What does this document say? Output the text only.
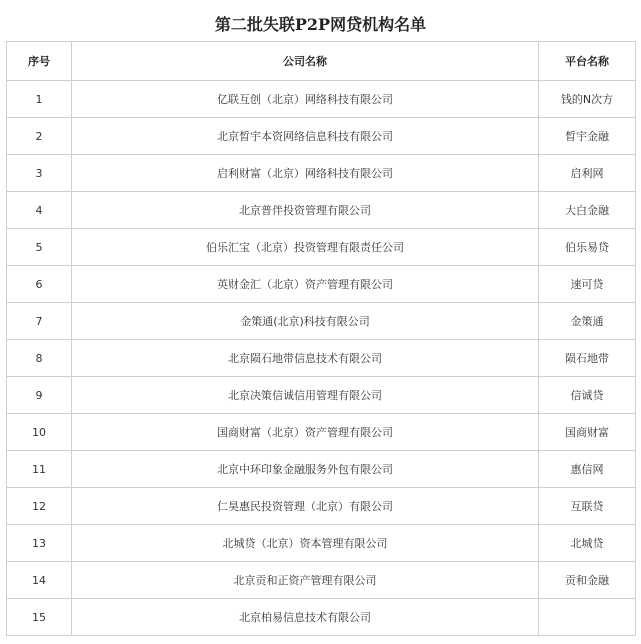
第二批失联P2P网贷机构名单
序号	公司名称	平台名称
1	亿联互创（北京）网络科技有限公司	钱的N次方
2	北京晳宇本资网络信息科技有限公司	晳宇金融
3	启利财富（北京）网络科技有限公司	启利网
4	北京普伴投资管理有限公司	大白金融
5	伯乐汇宝（北京）投资管理有限责任公司	伯乐易贷
6	英财金汇（北京）资产管理有限公司	速可贷
7	金策通(北京)科技有限公司	金策通
8	北京陨石地带信息技术有限公司	陨石地带
9	北京决策信诚信用管理有限公司	信诚贷
10	国商财富（北京）资产管理有限公司	国商财富
11	北京中环印象金融服务外包有限公司	惠信网
12	仁昊惠民投资管理（北京）有限公司	互联贷
13	北城贷（北京）资本管理有限公司	北城贷
14	北京贡和正资产管理有限公司	贡和金融
15	北京柏易信息技术有限公司	
